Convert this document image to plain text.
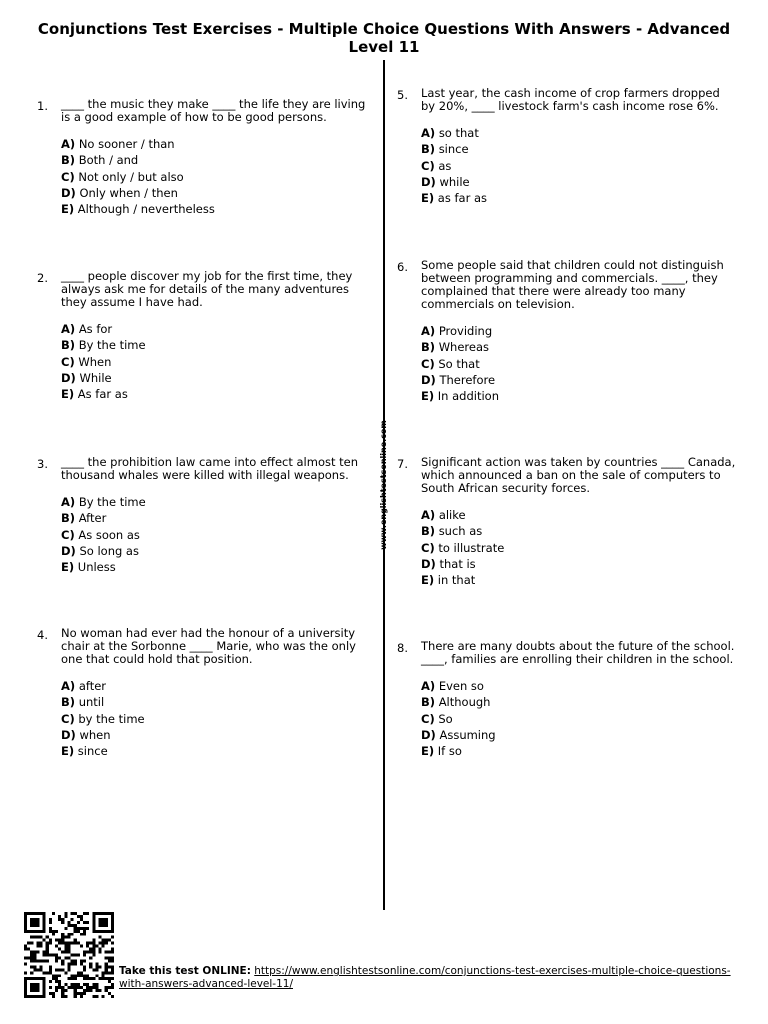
Conjunctions Test Exercises - Multiple Choice Questions With Answers - Advanced Level 11
www.englishtestsonline.com
1. ____ the music they make ____ the life they are living is a good example of how to be good persons.
A) No sooner / than
B) Both / and
C) Not only / but also
D) Only when / then
E) Although / nevertheless
2. ____ people discover my job for the first time, they always ask me for details of the many adventures they assume I have had.
A) As for
B) By the time
C) When
D) While
E) As far as
3. ____ the prohibition law came into effect almost ten thousand whales were killed with illegal weapons.
A) By the time
B) After
C) As soon as
D) So long as
E) Unless
4. No woman had ever had the honour of a university chair at the Sorbonne ____ Marie, who was the only one that could hold that position.
A) after
B) until
C) by the time
D) when
E) since
5. Last year, the cash income of crop farmers dropped by 20%, ____ livestock farm's cash income rose 6%.
A) so that
B) since
C) as
D) while
E) as far as
6. Some people said that children could not distinguish between programming and commercials. ____, they complained that there were already too many commercials on television.
A) Providing
B) Whereas
C) So that
D) Therefore
E) In addition
7. Significant action was taken by countries ____ Canada, which announced a ban on the sale of computers to South African security forces.
A) alike
B) such as
C) to illustrate
D) that is
E) in that
8. There are many doubts about the future of the school. ____, families are enrolling their children in the school.
A) Even so
B) Although
C) So
D) Assuming
E) If so
Take this test ONLINE: https://www.englishtestsonline.com/conjunctions-test-exercises-multiple-choice-questions-with-answers-advanced-level-11/
